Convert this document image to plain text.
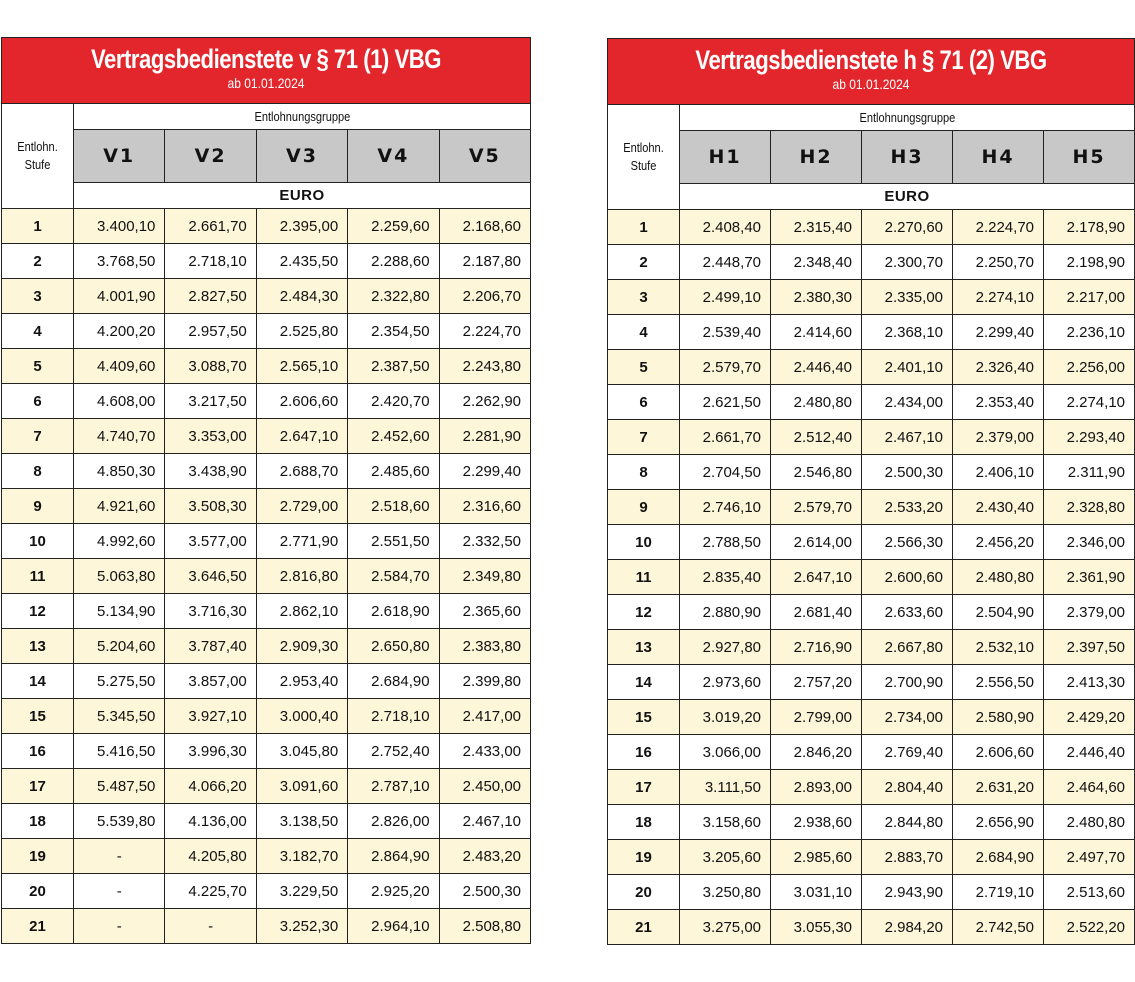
Vertragsbedienstete v § 71 (1) VBG
ab 01.01.2024
Entlohn. Stufe	Entlohnungsgruppe				
	V1	V2	V3	V4	V5
	EURO				
1	3.400,10	2.661,70	2.395,00	2.259,60	2.168,60
2	3.768,50	2.718,10	2.435,50	2.288,60	2.187,80
3	4.001,90	2.827,50	2.484,30	2.322,80	2.206,70
4	4.200,20	2.957,50	2.525,80	2.354,50	2.224,70
5	4.409,60	3.088,70	2.565,10	2.387,50	2.243,80
6	4.608,00	3.217,50	2.606,60	2.420,70	2.262,90
7	4.740,70	3.353,00	2.647,10	2.452,60	2.281,90
8	4.850,30	3.438,90	2.688,70	2.485,60	2.299,40
9	4.921,60	3.508,30	2.729,00	2.518,60	2.316,60
10	4.992,60	3.577,00	2.771,90	2.551,50	2.332,50
11	5.063,80	3.646,50	2.816,80	2.584,70	2.349,80
12	5.134,90	3.716,30	2.862,10	2.618,90	2.365,60
13	5.204,60	3.787,40	2.909,30	2.650,80	2.383,80
14	5.275,50	3.857,00	2.953,40	2.684,90	2.399,80
15	5.345,50	3.927,10	3.000,40	2.718,10	2.417,00
16	5.416,50	3.996,30	3.045,80	2.752,40	2.433,00
17	5.487,50	4.066,20	3.091,60	2.787,10	2.450,00
18	5.539,80	4.136,00	3.138,50	2.826,00	2.467,10
19	-	4.205,80	3.182,70	2.864,90	2.483,20
20	-	4.225,70	3.229,50	2.925,20	2.500,30
21	-	-	3.252,30	2.964,10	2.508,80
Vertragsbedienstete h § 71 (2) VBG
ab 01.01.2024
Entlohn. Stufe	Entlohnungsgruppe				
	H1	H2	H3	H4	H5
	EURO				
1	2.408,40	2.315,40	2.270,60	2.224,70	2.178,90
2	2.448,70	2.348,40	2.300,70	2.250,70	2.198,90
3	2.499,10	2.380,30	2.335,00	2.274,10	2.217,00
4	2.539,40	2.414,60	2.368,10	2.299,40	2.236,10
5	2.579,70	2.446,40	2.401,10	2.326,40	2.256,00
6	2.621,50	2.480,80	2.434,00	2.353,40	2.274,10
7	2.661,70	2.512,40	2.467,10	2.379,00	2.293,40
8	2.704,50	2.546,80	2.500,30	2.406,10	2.311,90
9	2.746,10	2.579,70	2.533,20	2.430,40	2.328,80
10	2.788,50	2.614,00	2.566,30	2.456,20	2.346,00
11	2.835,40	2.647,10	2.600,60	2.480,80	2.361,90
12	2.880,90	2.681,40	2.633,60	2.504,90	2.379,00
13	2.927,80	2.716,90	2.667,80	2.532,10	2.397,50
14	2.973,60	2.757,20	2.700,90	2.556,50	2.413,30
15	3.019,20	2.799,00	2.734,00	2.580,90	2.429,20
16	3.066,00	2.846,20	2.769,40	2.606,60	2.446,40
17	3.111,50	2.893,00	2.804,40	2.631,20	2.464,60
18	3.158,60	2.938,60	2.844,80	2.656,90	2.480,80
19	3.205,60	2.985,60	2.883,70	2.684,90	2.497,70
20	3.250,80	3.031,10	2.943,90	2.719,10	2.513,60
21	3.275,00	3.055,30	2.984,20	2.742,50	2.522,20
